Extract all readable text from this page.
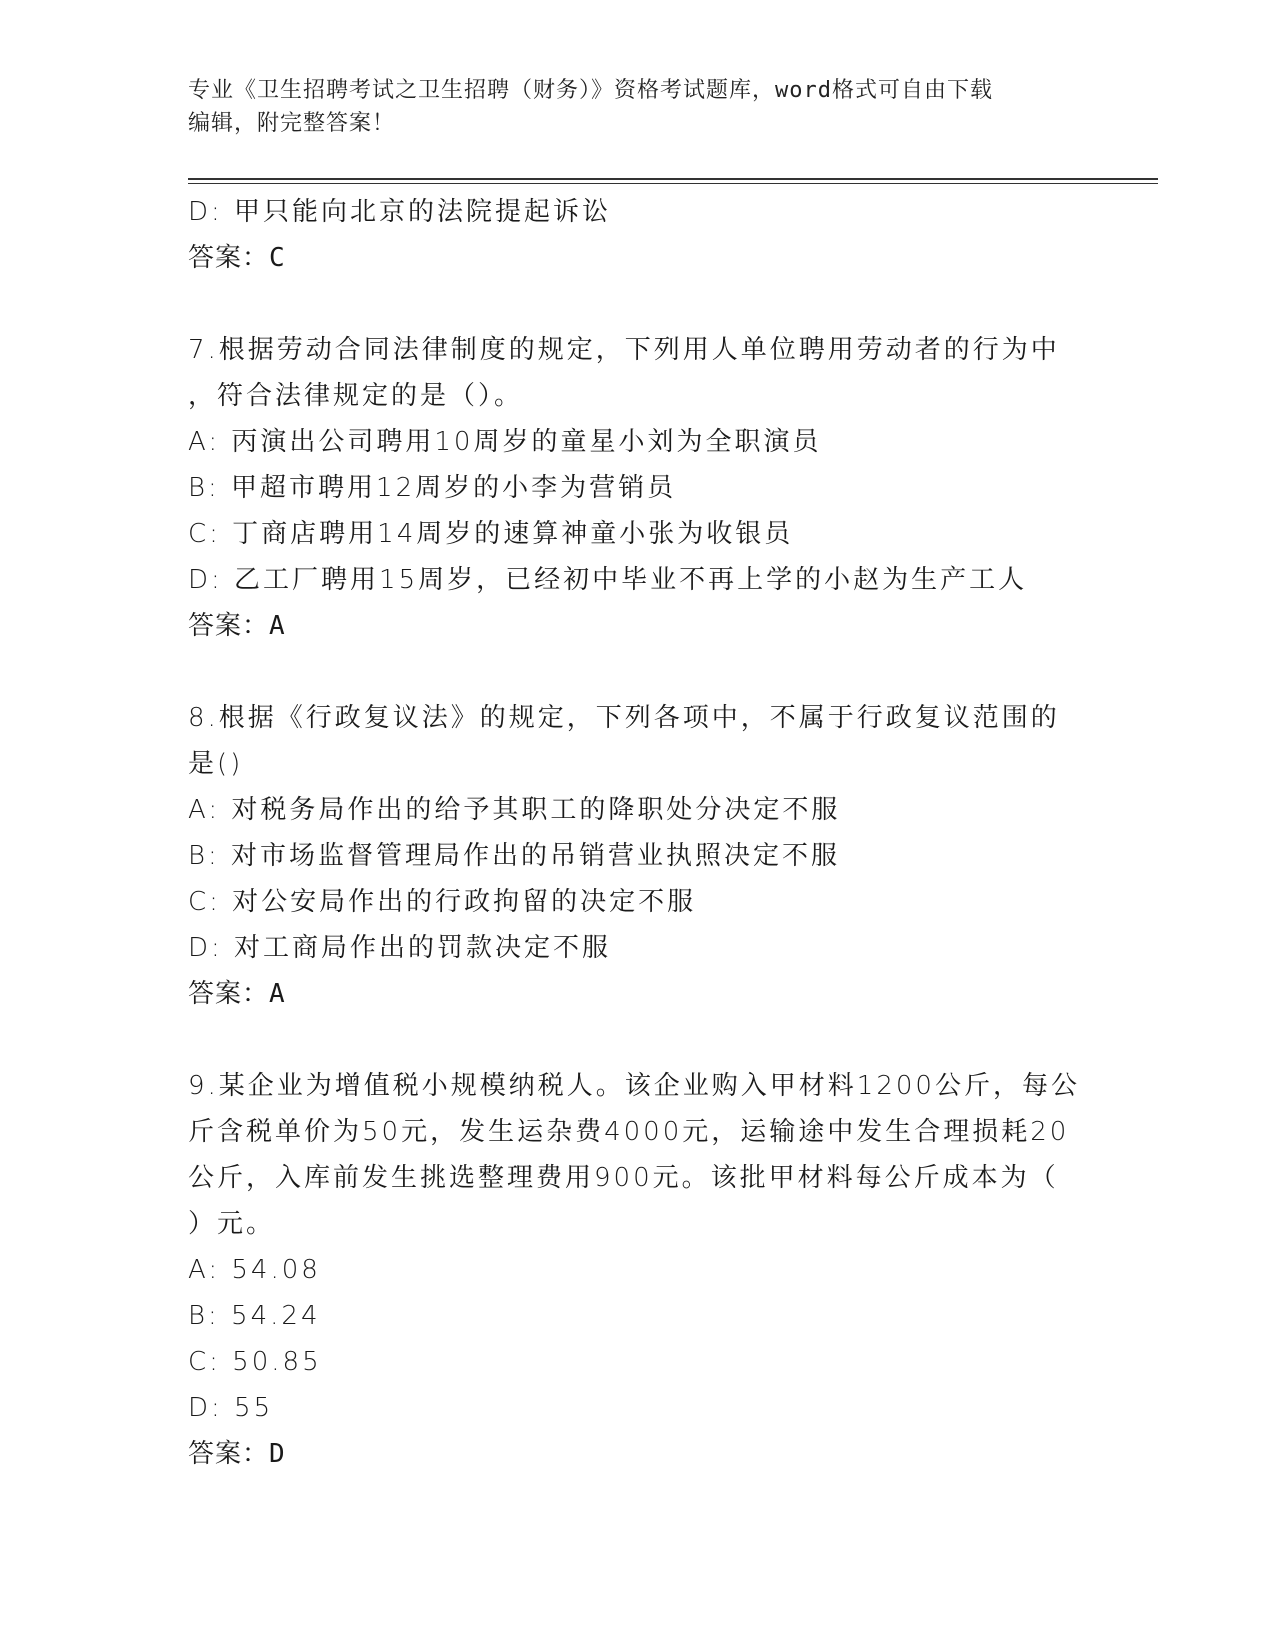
专业《卫生招聘考试之卫生招聘（财务）》资格考试题库，word格式可自由下载
编辑，附完整答案！
D: 甲只能向北京的法院提起诉讼
答案：C
7.根据劳动合同法律制度的规定，下列用人单位聘用劳动者的行为中
，符合法律规定的是（）。
A: 丙演出公司聘用10周岁的童星小刘为全职演员
B: 甲超市聘用12周岁的小李为营销员
C: 丁商店聘用14周岁的速算神童小张为收银员
D: 乙工厂聘用15周岁，已经初中毕业不再上学的小赵为生产工人
答案：A
8.根据《行政复议法》的规定，下列各项中，不属于行政复议范围的
是()
A: 对税务局作出的给予其职工的降职处分决定不服
B: 对市场监督管理局作出的吊销营业执照决定不服
C: 对公安局作出的行政拘留的决定不服
D: 对工商局作出的罚款决定不服
答案：A
9.某企业为增值税小规模纳税人。该企业购入甲材料1200公斤，每公
斤含税单价为50元，发生运杂费4000元，运输途中发生合理损耗20
公斤，入库前发生挑选整理费用900元。该批甲材料每公斤成本为（
）元。
A: 54.08
B: 54.24
C: 50.85
D: 55
答案：D
